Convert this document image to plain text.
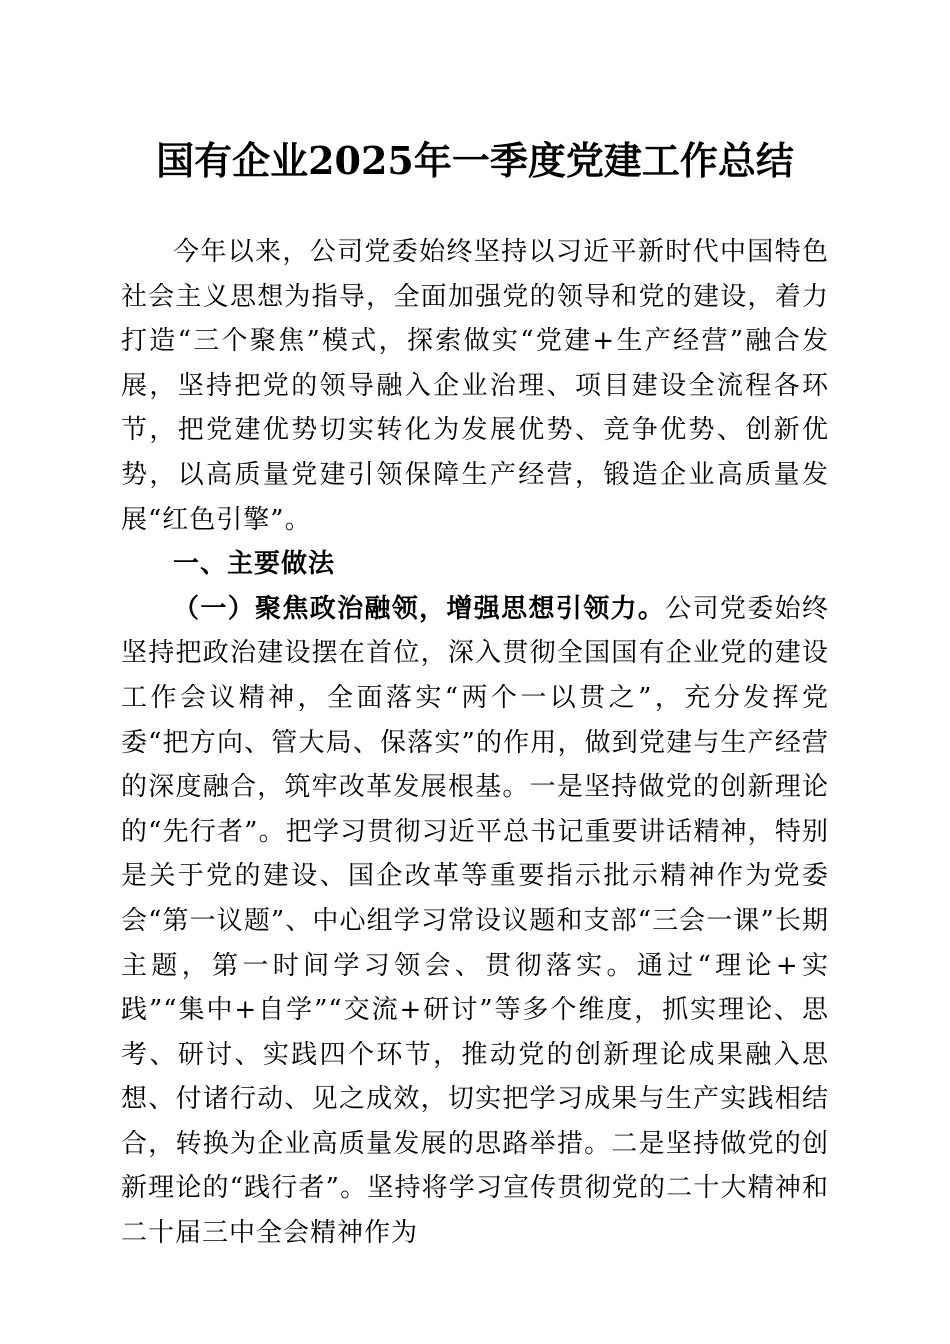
国有企业2025年一季度党建工作总结

今年以来，公司党委始终坚持以习近平新时代中国特色社会主义思想为指导，全面加强党的领导和党的建设，着力打造“三个聚焦”模式，探索做实“党建+生产经营”融合发展，坚持把党的领导融入企业治理、项目建设全流程各环节，把党建优势切实转化为发展优势、竞争优势、创新优势，以高质量党建引领保障生产经营，锻造企业高质量发展“红色引擎”。

一、主要做法

（一）聚焦政治融领，增强思想引领力。公司党委始终坚持把政治建设摆在首位，深入贯彻全国国有企业党的建设工作会议精神，全面落实“两个一以贯之”，充分发挥党委“把方向、管大局、保落实”的作用，做到党建与生产经营的深度融合，筑牢改革发展根基。一是坚持做党的创新理论的“先行者”。把学习贯彻习近平总书记重要讲话精神，特别是关于党的建设、国企改革等重要指示批示精神作为党委会“第一议题”、中心组学习常设议题和支部“三会一课”长期主题，第一时间学习领会、贯彻落实。通过“理论+实践”“集中+自学”“交流+研讨”等多个维度，抓实理论、思考、研讨、实践四个环节，推动党的创新理论成果融入思想、付诸行动、见之成效，切实把学习成果与生产实践相结合，转换为企业高质量发展的思路举措。二是坚持做党的创新理论的“践行者”。坚持将学习宣传贯彻党的二十大精神和二十届三中全会精神作为
